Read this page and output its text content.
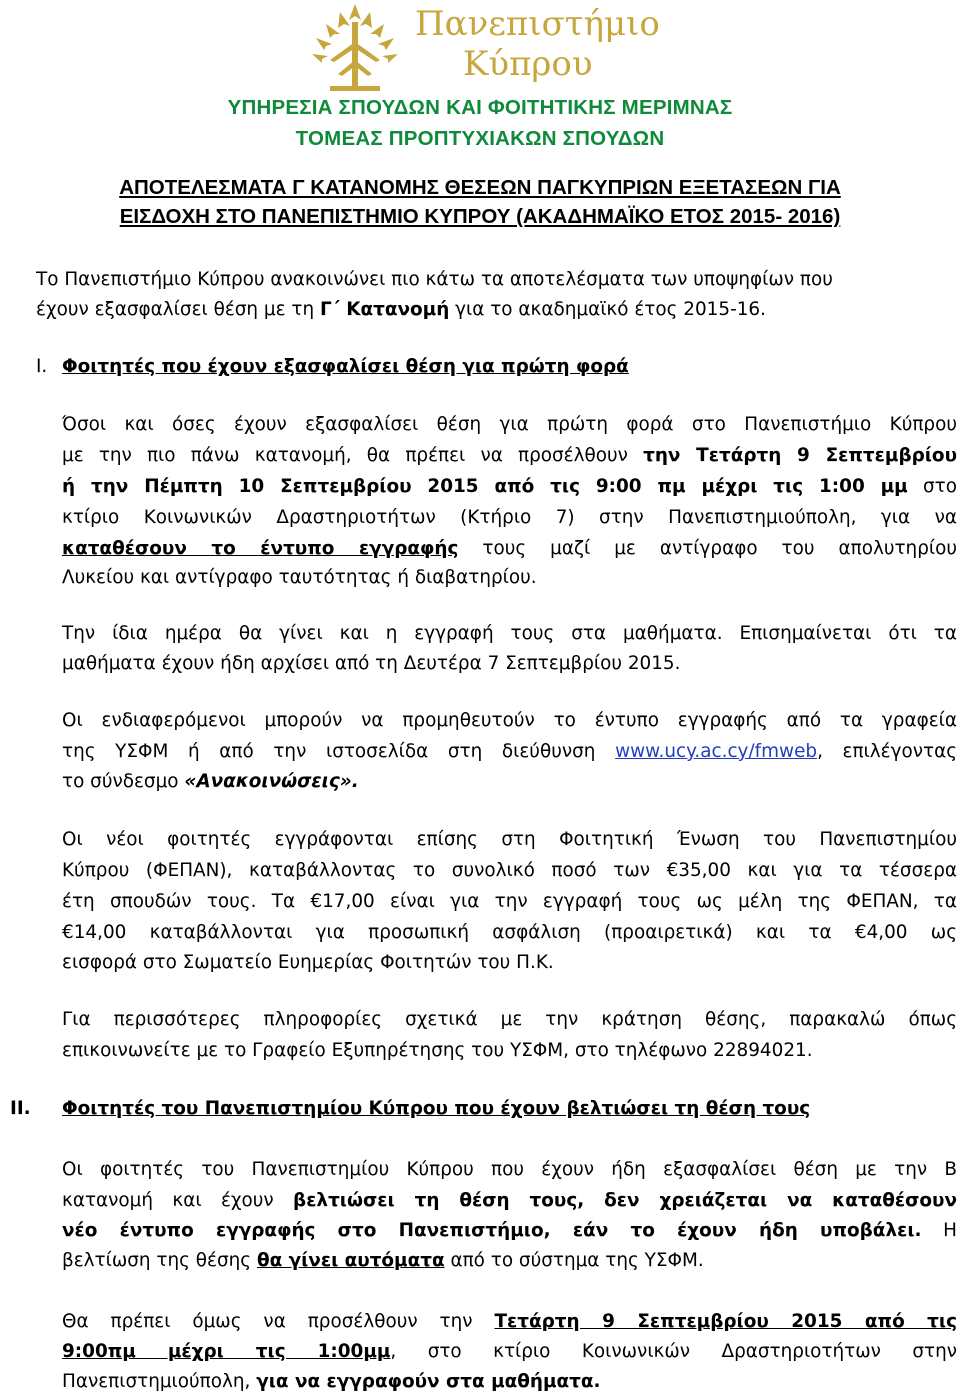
Πανεπιστήμιο
Κύπρου
ΥΠΗΡΕΣΙΑ ΣΠΟΥΔΩΝ ΚΑΙ ΦΟΙΤΗΤΙΚΗΣ ΜΕΡΙΜΝΑΣ
ΤΟΜΕΑΣ ΠΡΟΠΤΥΧΙΑΚΩΝ ΣΠΟΥΔΩΝ
ΑΠΟΤΕΛΕΣΜΑΤΑ Γ ΚΑΤΑΝΟΜΗΣ ΘΕΣΕΩΝ ΠΑΓΚΥΠΡΙΩΝ ΕΞΕΤΑΣΕΩΝ ΓΙΑ
ΕΙΣΔΟΧΗ ΣΤΟ ΠΑΝΕΠΙΣΤΗΜΙΟ ΚΥΠΡΟΥ (ΑΚΑΔΗΜΑΪΚΟ ΕΤΟΣ 2015- 2016)
Το Πανεπιστήμιο Κύπρου ανακοινώνει πιο κάτω τα αποτελέσματα των υποψηφίων που
έχουν εξασφαλίσει θέση με τη Γ΄ Κατανομή για το ακαδημαϊκό έτος 2015-16.
Ι. Φοιτητές που έχουν εξασφαλίσει θέση για πρώτη φορά
Όσοι και όσες έχουν εξασφαλίσει θέση για πρώτη φορά στο Πανεπιστήμιο Κύπρου
με την πιο πάνω κατανομή, θα πρέπει να προσέλθουν την Τετάρτη 9 Σεπτεμβρίου
ή την Πέμπτη 10 Σεπτεμβρίου 2015 από τις 9:00 πμ μέχρι τις 1:00 μμ στο
κτίριο Κοινωνικών Δραστηριοτήτων (Κτήριο 7) στην Πανεπιστημιούπολη, για να
καταθέσουν το έντυπο εγγραφής τους μαζί με αντίγραφο του απολυτηρίου
Λυκείου και αντίγραφο ταυτότητας ή διαβατηρίου.
Την ίδια ημέρα θα γίνει και η εγγραφή τους στα μαθήματα. Επισημαίνεται ότι τα
μαθήματα έχουν ήδη αρχίσει από τη Δευτέρα 7 Σεπτεμβρίου 2015.
Οι ενδιαφερόμενοι μπορούν να προμηθευτούν το έντυπο εγγραφής από τα γραφεία
της ΥΣΦΜ ή από την ιστοσελίδα στη διεύθυνση www.ucy.ac.cy/fmweb, επιλέγοντας
το σύνδεσμο «Ανακοινώσεις».
Οι νέοι φοιτητές εγγράφονται επίσης στη Φοιτητική Ένωση του Πανεπιστημίου
Κύπρου (ΦΕΠΑΝ), καταβάλλοντας το συνολικό ποσό των €35,00 και για τα τέσσερα
έτη σπουδών τους. Τα €17,00 είναι για την εγγραφή τους ως μέλη της ΦΕΠΑΝ, τα
€14,00 καταβάλλονται για προσωπική ασφάλιση (προαιρετικά) και τα €4,00 ως
εισφορά στο Σωματείο Ευημερίας Φοιτητών του Π.Κ.
Για περισσότερες πληροφορίες σχετικά με την κράτηση θέσης, παρακαλώ όπως
επικοινωνείτε με το Γραφείο Εξυπηρέτησης του ΥΣΦΜ, στο τηλέφωνο 22894021.
ΙΙ. Φοιτητές του Πανεπιστημίου Κύπρου που έχουν βελτιώσει τη θέση τους
Οι φοιτητές του Πανεπιστημίου Κύπρου που έχουν ήδη εξασφαλίσει θέση με την Β
κατανομή και έχουν βελτιώσει τη θέση τους, δεν χρειάζεται να καταθέσουν
νέο έντυπο εγγραφής στο Πανεπιστήμιο, εάν το έχουν ήδη υποβάλει. Η
βελτίωση της θέσης θα γίνει αυτόματα από το σύστημα της ΥΣΦΜ.
Θα πρέπει όμως να προσέλθουν την Τετάρτη 9 Σεπτεμβρίου 2015 από τις
9:00πμ μέχρι τις 1:00μμ, στο κτίριο Κοινωνικών Δραστηριοτήτων στην
Πανεπιστημιούπολη, για να εγγραφούν στα μαθήματα.
